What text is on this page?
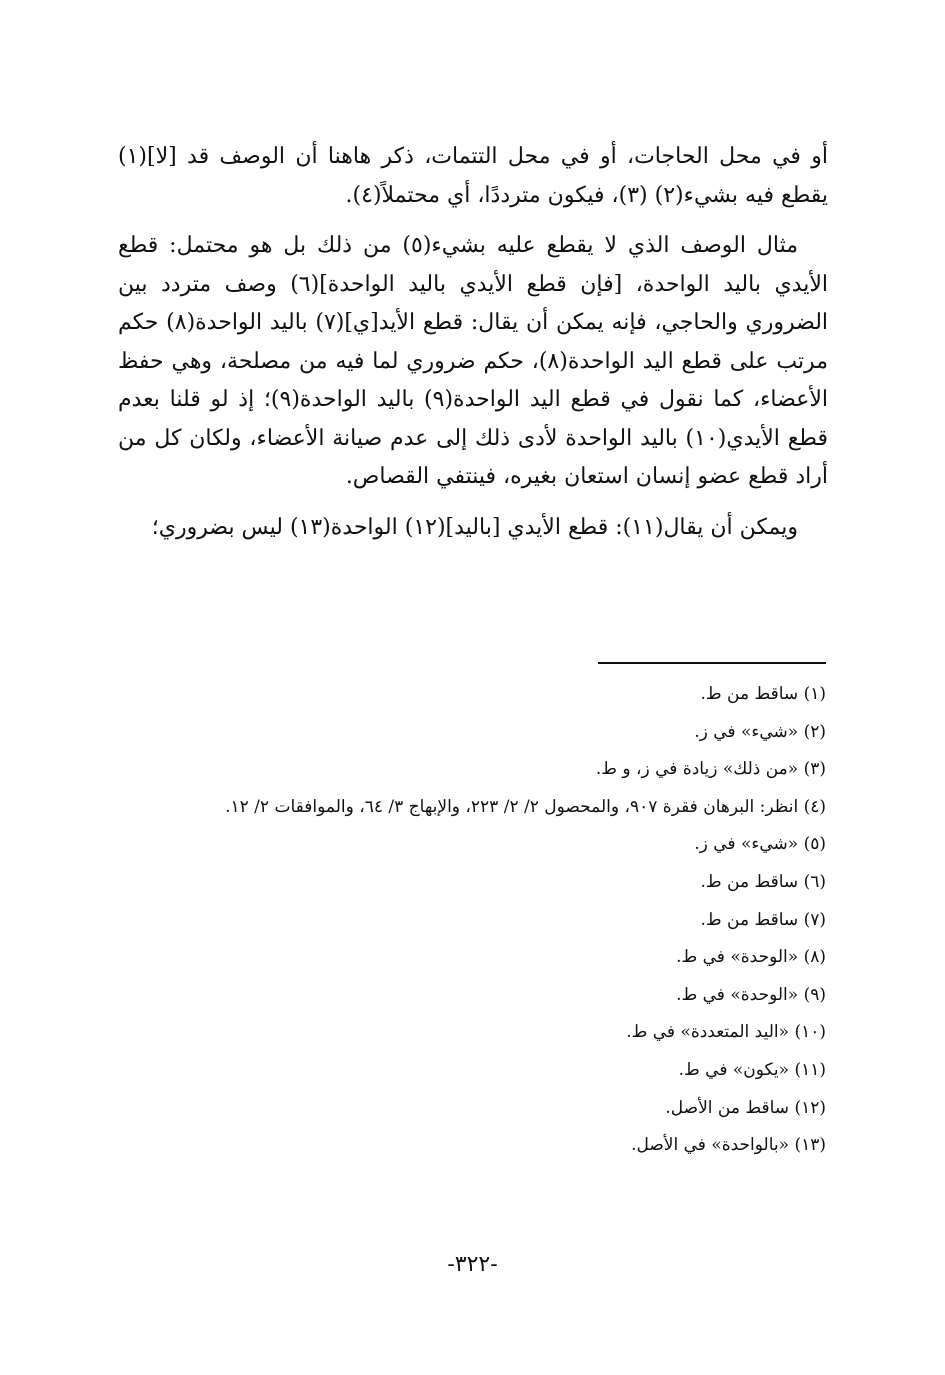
أو في محل الحاجات، أو في محل التتمات، ذكر هاهنا أن الوصف قد [لا](١) يقطع فيه بشيء(٢) (٣)، فيكون مترددًا، أي محتملاً(٤).

مثال الوصف الذي لا يقطع عليه بشيء(٥) من ذلك بل هو محتمل: قطع الأيدي باليد الواحدة، [فإن قطع الأيدي باليد الواحدة](٦) وصف متردد بين الضروري والحاجي، فإنه يمكن أن يقال: قطع الأيد[ي](٧) باليد الواحدة(٨) حكم مرتب على قطع اليد الواحدة(٨)، حكم ضروري لما فيه من مصلحة، وهي حفظ الأعضاء، كما نقول في قطع اليد الواحدة(٩) باليد الواحدة(٩)؛ إذ لو قلنا بعدم قطع الأيدي(١٠) باليد الواحدة لأدى ذلك إلى عدم صيانة الأعضاء، ولكان كل من أراد قطع عضو إنسان استعان بغيره، فينتفي القصاص.

ويمكن أن يقال(١١): قطع الأيدي [باليد](١٢) الواحدة(١٣) ليس بضروري؛

(١) ساقط من ط.
(٢) «شيء» في ز.
(٣) «من ذلك» زيادة في ز، و ط.
(٤) انظر: البرهان فقرة ٩٠٧، والمحصول ٢/ ٢/ ٢٢٣، والإبهاج ٣/ ٦٤، والموافقات ٢/ ١٢.
(٥) «شيء» في ز.
(٦) ساقط من ط.
(٧) ساقط من ط.
(٨) «الوحدة» في ط.
(٩) «الوحدة» في ط.
(١٠) «اليد المتعددة» في ط.
(١١) «يكون» في ط.
(١٢) ساقط من الأصل.
(١٣) «بالواحدة» في الأصل.
-٣٢٢-
